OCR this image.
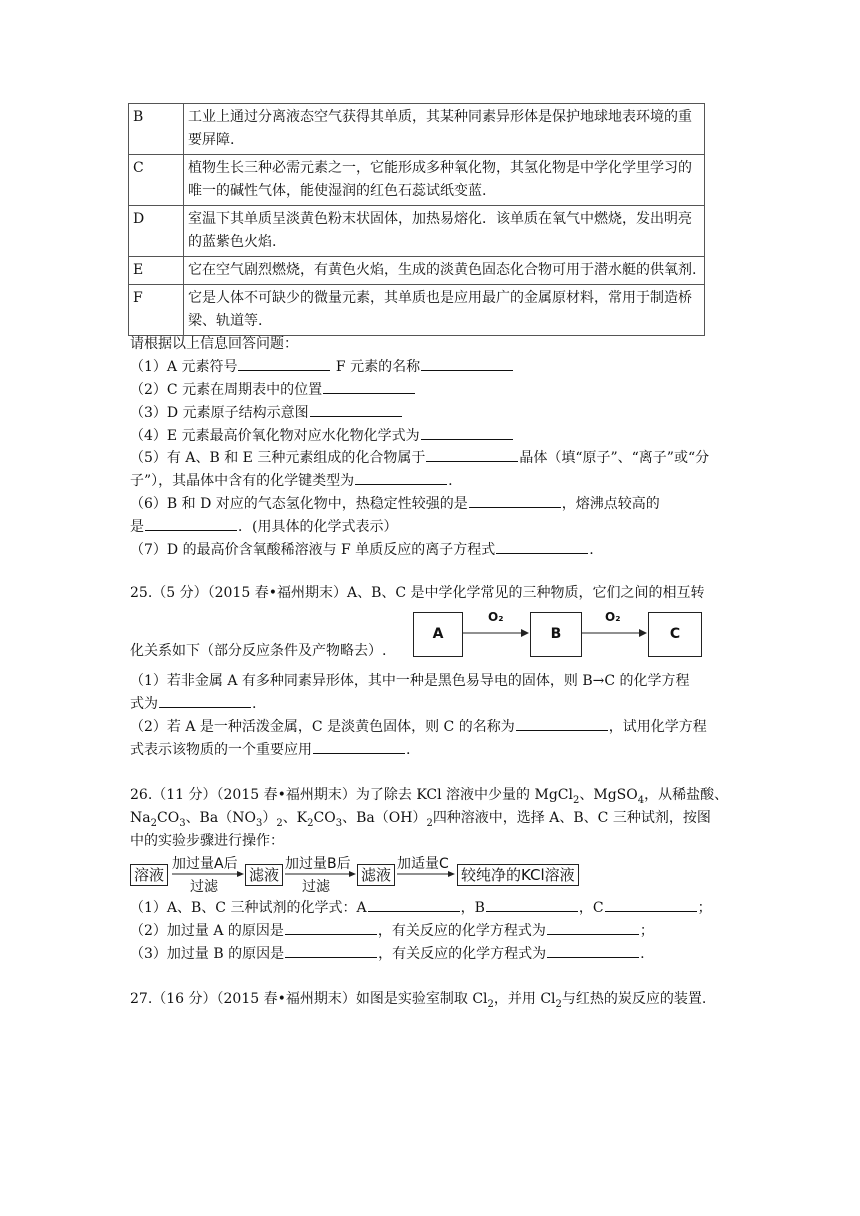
B	工业上通过分离液态空气获得其单质，其某种同素异形体是保护地球地表环境的重要屏障.
C	植物生长三种必需元素之一，它能形成多种氧化物，其氢化物是中学化学里学习的唯一的碱性气体，能使湿润的红色石蕊试纸变蓝.
D	室温下其单质呈淡黄色粉末状固体，加热易熔化．该单质在氧气中燃烧，发出明亮的蓝紫色火焰.
E	它在空气剧烈燃烧，有黄色火焰，生成的淡黄色固态化合物可用于潜水艇的供氧剂.
F	它是人体不可缺少的微量元素，其单质也是应用最广的金属原材料，常用于制造桥梁、轨道等.
请根据以上信息回答问题：
（1）A 元素符号	F 元素的名称
（2）C 元素在周期表中的位置
（3）D 元素原子结构示意图
（4）E 元素最高价氧化物对应水化物化学式为
（5）有 A、B 和 E 三种元素组成的化合物属于	晶体（填“原子”、“离子”或“分
子”），其晶体中含有的化学键类型为	.
（6）B 和 D 对应的气态氢化物中，热稳定性较强的是	，熔沸点较高的
是	．(用具体的化学式表示）
（7）D 的最高价含氧酸稀溶液与 F 单质反应的离子方程式	.
25.（5 分）（2015 春•福州期末）A、B、C 是中学化学常见的三种物质，它们之间的相互转
化关系如下（部分反应条件及产物略去）.
A	B	C
O₂	O₂
（1）若非金属 A 有多种同素异形体，其中一种是黑色易导电的固体，则 B→C 的化学方程
式为	.
（2）若 A 是一种活泼金属，C 是淡黄色固体，则 C 的名称为	，试用化学方程
式表示该物质的一个重要应用	.
26.（11 分）（2015 春•福州期末）为了除去 KCl 溶液中少量的 MgCl$_2$、MgSO$_4$，从稀盐酸、
$Na_2CO_3$、$Ba(NO_3)_2$、$K_2CO_3$、$Ba(OH)_2$四种溶液中，选择 A、B、C 三种试剂，按图
中的实验步骤进行操作：
溶液
加过量A后
过滤
滤液
加过量B后
过滤
滤液
加适量C
较纯净的KCl溶液
（1）A、B、C 三种试剂的化学式：A	，B	，C	；
（2）加过量 A 的原因是	，有关反应的化学方程式为	；
（3）加过量 B 的原因是	，有关反应的化学方程式为	.
27.（16 分）（2015 春•福州期末）如图是实验室制取 $Cl_2$，并用 $Cl_2$与红热的炭反应的装置.
